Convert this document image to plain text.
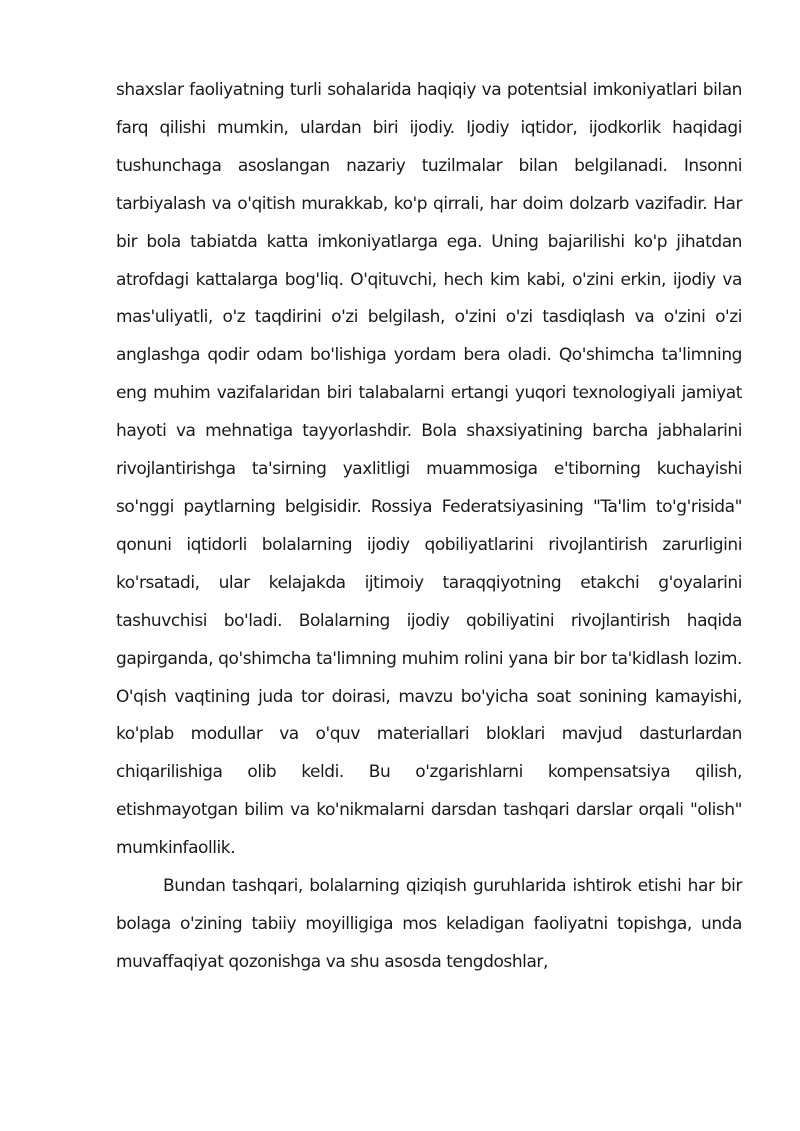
shaxslar faoliyatning turli sohalarida haqiqiy va potentsial imkoniyatlari bilan farq qilishi mumkin, ulardan biri ijodiy. Ijodiy iqtidor, ijodkorlik haqidagi tushunchaga asoslangan nazariy tuzilmalar bilan belgilanadi. Insonni tarbiyalash va o'qitish murakkab, ko'p qirrali, har doim dolzarb vazifadir. Har bir bola tabiatda katta imkoniyatlarga ega. Uning bajarilishi ko'p jihatdan atrofdagi kattalarga bog'liq. O'qituvchi, hech kim kabi, o'zini erkin, ijodiy va mas'uliyatli, o'z taqdirini o'zi belgilash, o'zini o'zi tasdiqlash va o'zini o'zi anglashga qodir odam bo'lishiga yordam bera oladi. Qo'shimcha ta'limning eng muhim vazifalaridan biri talabalarni ertangi yuqori texnologiyali jamiyat hayoti va mehnatiga tayyorlashdir. Bola shaxsiyatining barcha jabhalarini rivojlantirishga ta'sirning yaxlitligi muammosiga e'tiborning kuchayishi so'nggi paytlarning belgisidir. Rossiya Federatsiyasining "Ta'lim to'g'risida" qonuni iqtidorli bolalarning ijodiy qobiliyatlarini rivojlantirish zarurligini ko'rsatadi, ular kelajakda ijtimoiy taraqqiyotning etakchi g'oyalarini tashuvchisi bo'ladi. Bolalarning ijodiy qobiliyatini rivojlantirish haqida gapirganda, qo'shimcha ta'limning muhim rolini yana bir bor ta'kidlash lozim. O'qish vaqtining juda tor doirasi, mavzu bo'yicha soat sonining kamayishi, ko'plab modullar va o'quv materiallari bloklari mavjud dasturlardan chiqarilishiga olib keldi. Bu o'zgarishlarni kompensatsiya qilish, etishmayotgan bilim va ko'nikmalarni darsdan tashqari darslar orqali "olish" mumkinfaollik.

Bundan tashqari, bolalarning qiziqish guruhlarida ishtirok etishi har bir bolaga o'zining tabiiy moyilligiga mos keladigan faoliyatni topishga, unda muvaffaqiyat qozonishga va shu asosda tengdoshlar,
